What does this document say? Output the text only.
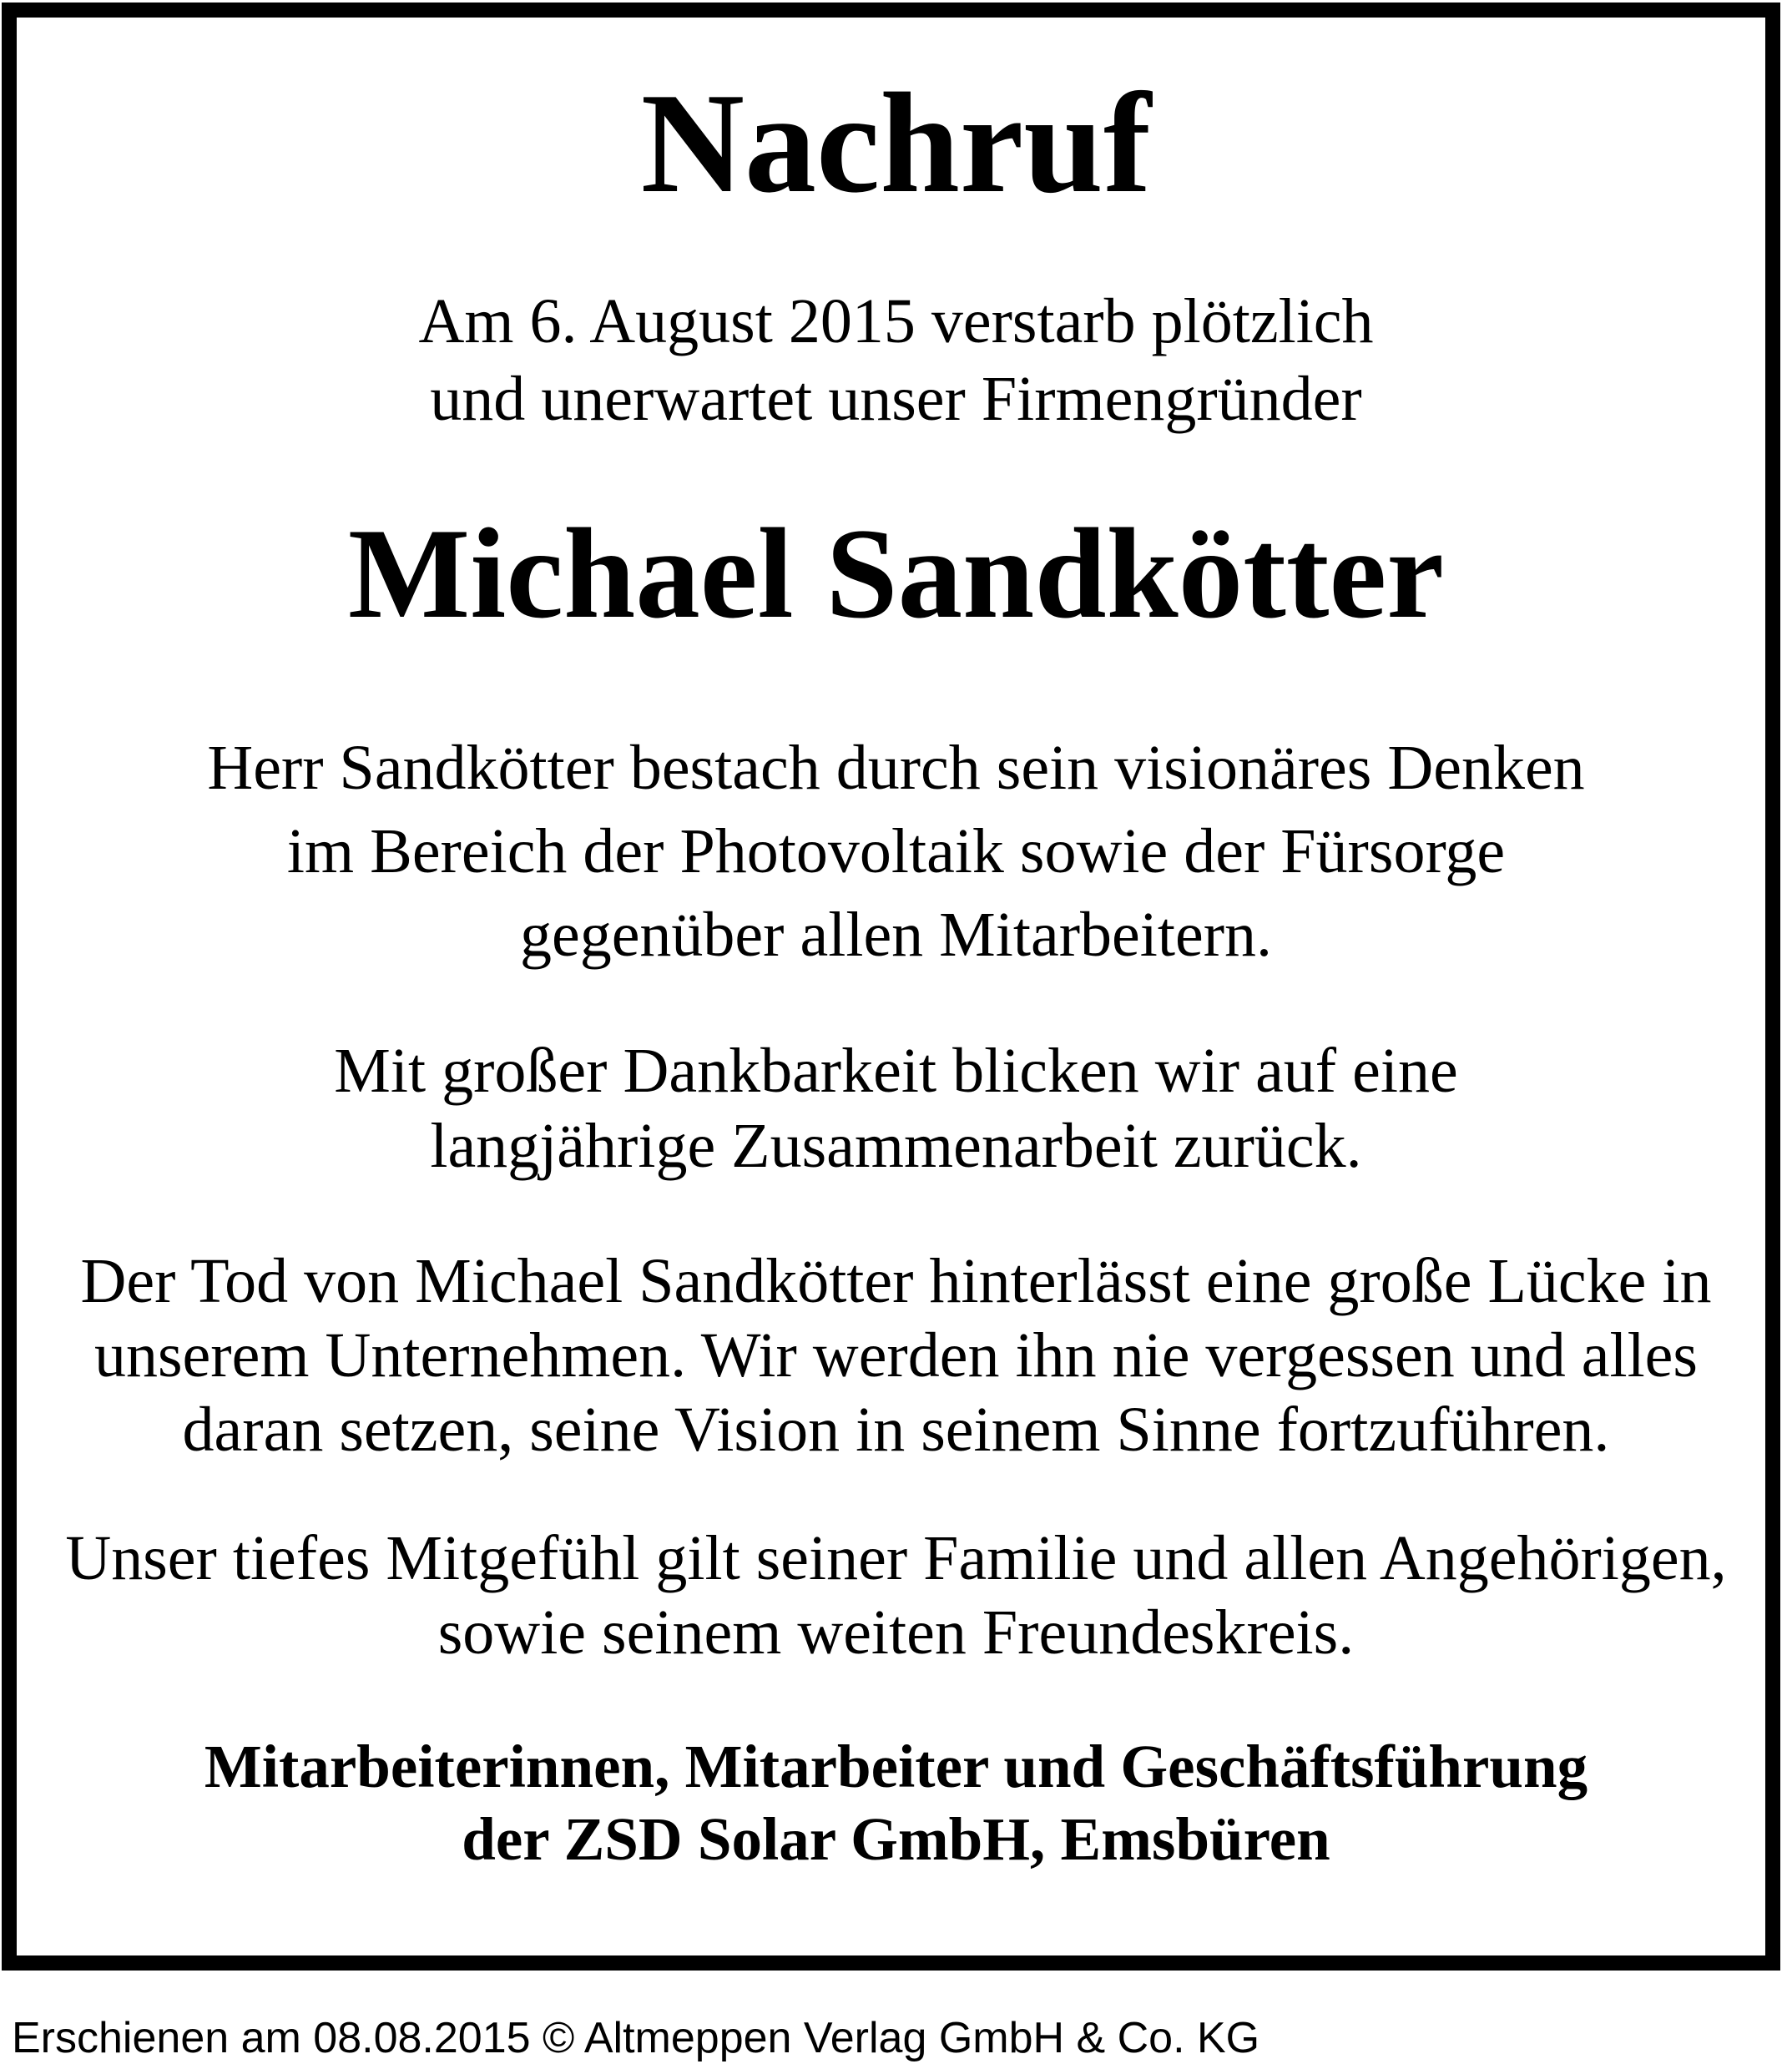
Nachruf

Am 6. August 2015 verstarb plötzlich

und unerwartet unser Firmengründer

Michael Sandkötter

Herr Sandkötter bestach durch sein visionäres Denken

im Bereich der Photovoltaik sowie der Fürsorge

gegenüber allen Mitarbeitern.

Mit großer Dankbarkeit blicken wir auf eine

langjährige Zusammenarbeit zurück.

Der Tod von Michael Sandkötter hinterlässt eine große Lücke in

unserem Unternehmen. Wir werden ihn nie vergessen und alles

daran setzen, seine Vision in seinem Sinne fortzuführen.

Unser tiefes Mitgefühl gilt seiner Familie und allen Angehörigen,

sowie seinem weiten Freundeskreis.

Mitarbeiterinnen, Mitarbeiter und Geschäftsführung

der ZSD Solar GmbH, Emsbüren

Erschienen am 08.08.2015 © Altmeppen Verlag GmbH & Co. KG
